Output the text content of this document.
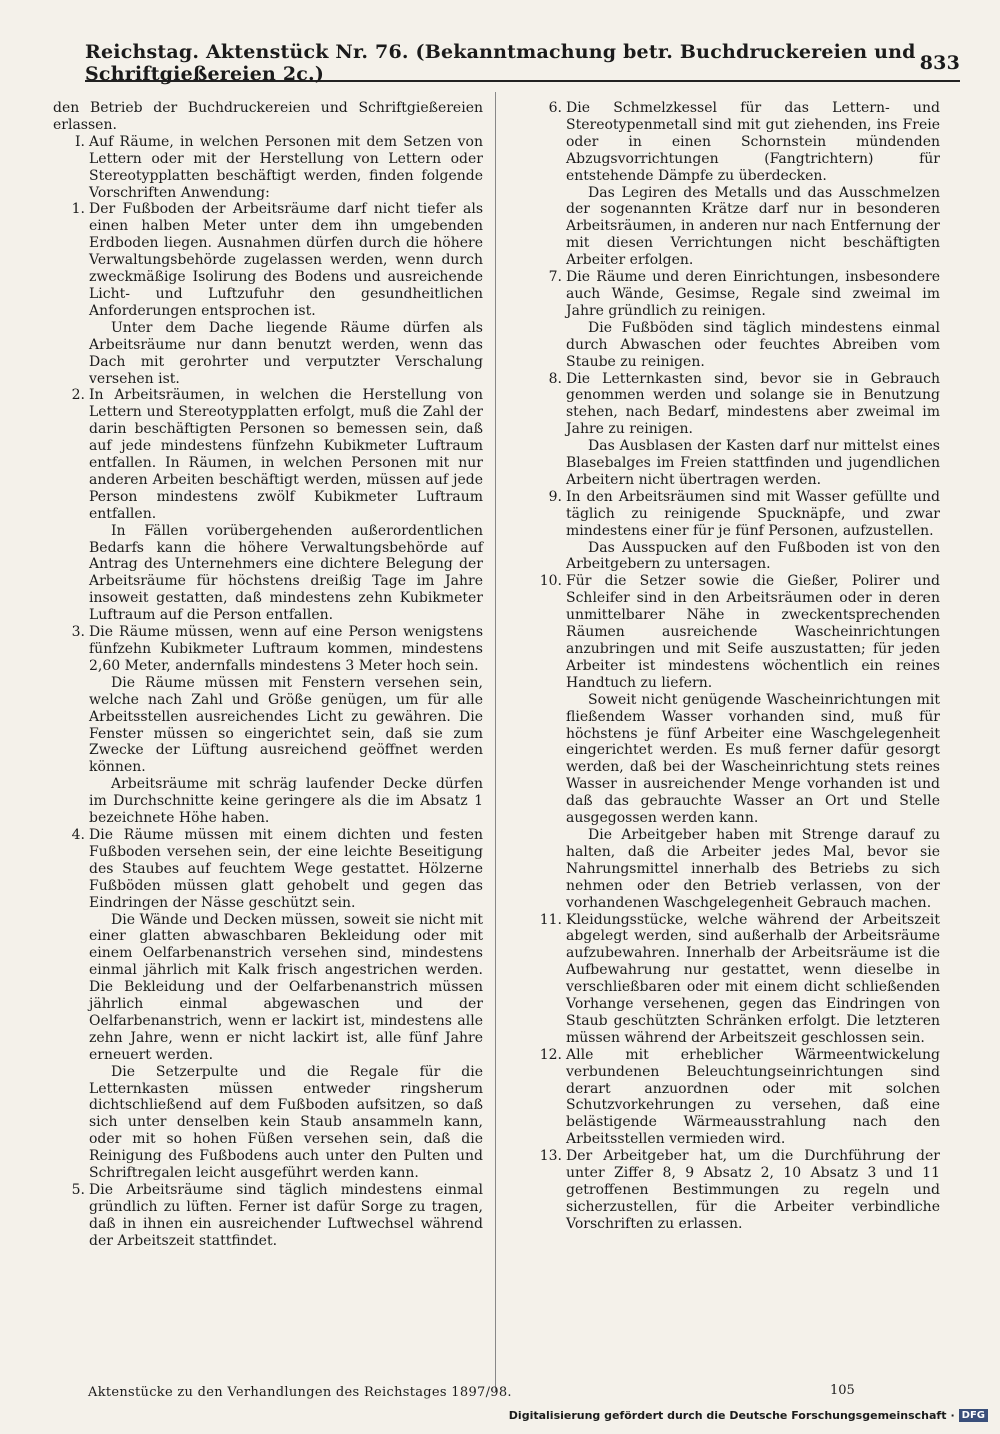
Reichstag. Aktenstück Nr. 76. (Bekanntmachung betr. Buchdruckereien und Schriftgießereien 2c.)	833

den Betrieb der Buchdruckereien und Schriftgießereien erlassen.

I. Auf Räume, in welchen Personen mit dem Setzen von Lettern oder mit der Herstellung von Lettern oder Stereotypplatten beschäftigt werden, finden folgende Vorschriften Anwendung:

1. Der Fußboden der Arbeitsräume darf nicht tiefer als einen halben Meter unter dem ihn umgebenden Erdboden liegen. Ausnahmen dürfen durch die höhere Verwaltungsbehörde zugelassen werden, wenn durch zweckmäßige Isolirung des Bodens und ausreichende Licht- und Luftzufuhr den gesundheitlichen Anforderungen entsprochen ist.

Unter dem Dache liegende Räume dürfen als Arbeitsräume nur dann benutzt werden, wenn das Dach mit gerohrter und verputzter Verschalung versehen ist.

2. In Arbeitsräumen, in welchen die Herstellung von Lettern und Stereotypplatten erfolgt, muß die Zahl der darin beschäftigten Personen so bemessen sein, daß auf jede mindestens fünfzehn Kubikmeter Luftraum entfallen. In Räumen, in welchen Personen mit nur anderen Arbeiten beschäftigt werden, müssen auf jede Person mindestens zwölf Kubikmeter Luftraum entfallen.

In Fällen vorübergehenden außerordentlichen Bedarfs kann die höhere Verwaltungsbehörde auf Antrag des Unternehmers eine dichtere Belegung der Arbeitsräume für höchstens dreißig Tage im Jahre insoweit gestatten, daß mindestens zehn Kubikmeter Luftraum auf die Person entfallen.

3. Die Räume müssen, wenn auf eine Person wenigstens fünfzehn Kubikmeter Luftraum kommen, mindestens 2,60 Meter, andernfalls mindestens 3 Meter hoch sein.

Die Räume müssen mit Fenstern versehen sein, welche nach Zahl und Größe genügen, um für alle Arbeitsstellen ausreichendes Licht zu gewähren. Die Fenster müssen so eingerichtet sein, daß sie zum Zwecke der Lüftung ausreichend geöffnet werden können.

Arbeitsräume mit schräg laufender Decke dürfen im Durchschnitte keine geringere als die im Absatz 1 bezeichnete Höhe haben.

4. Die Räume müssen mit einem dichten und festen Fußboden versehen sein, der eine leichte Beseitigung des Staubes auf feuchtem Wege gestattet. Hölzerne Fußböden müssen glatt gehobelt und gegen das Eindringen der Nässe geschützt sein.

Die Wände und Decken müssen, soweit sie nicht mit einer glatten abwaschbaren Bekleidung oder mit einem Oelfarbenanstrich versehen sind, mindestens einmal jährlich mit Kalk frisch angestrichen werden. Die Bekleidung und der Oelfarbenanstrich müssen jährlich einmal abgewaschen und der Oelfarbenanstrich, wenn er lackirt ist, mindestens alle zehn Jahre, wenn er nicht lackirt ist, alle fünf Jahre erneuert werden.

Die Setzerpulte und die Regale für die Letternkasten müssen entweder ringsherum dichtschließend auf dem Fußboden aufsitzen, so daß sich unter denselben kein Staub ansammeln kann, oder mit so hohen Füßen versehen sein, daß die Reinigung des Fußbodens auch unter den Pulten und Schriftregalen leicht ausgeführt werden kann.

5. Die Arbeitsräume sind täglich mindestens einmal gründlich zu lüften. Ferner ist dafür Sorge zu tragen, daß in ihnen ein ausreichender Luftwechsel während der Arbeitszeit stattfindet.

6. Die Schmelzkessel für das Lettern- und Stereotypenmetall sind mit gut ziehenden, ins Freie oder in einen Schornstein mündenden Abzugsvorrichtungen (Fangtrichtern) für entstehende Dämpfe zu überdecken.

Das Legiren des Metalls und das Ausschmelzen der sogenannten Krätze darf nur in besonderen Arbeitsräumen, in anderen nur nach Entfernung der mit diesen Verrichtungen nicht beschäftigten Arbeiter erfolgen.

7. Die Räume und deren Einrichtungen, insbesondere auch Wände, Gesimse, Regale sind zweimal im Jahre gründlich zu reinigen.

Die Fußböden sind täglich mindestens einmal durch Abwaschen oder feuchtes Abreiben vom Staube zu reinigen.

8. Die Letternkasten sind, bevor sie in Gebrauch genommen werden und solange sie in Benutzung stehen, nach Bedarf, mindestens aber zweimal im Jahre zu reinigen.

Das Ausblasen der Kasten darf nur mittelst eines Blasebalges im Freien stattfinden und jugendlichen Arbeitern nicht übertragen werden.

9. In den Arbeitsräumen sind mit Wasser gefüllte und täglich zu reinigende Spucknäpfe, und zwar mindestens einer für je fünf Personen, aufzustellen.

Das Ausspucken auf den Fußboden ist von den Arbeitgebern zu untersagen.

10. Für die Setzer sowie die Gießer, Polirer und Schleifer sind in den Arbeitsräumen oder in deren unmittelbarer Nähe in zweckentsprechenden Räumen ausreichende Wascheinrichtungen anzubringen und mit Seife auszustatten; für jeden Arbeiter ist mindestens wöchentlich ein reines Handtuch zu liefern.

Soweit nicht genügende Wascheinrichtungen mit fließendem Wasser vorhanden sind, muß für höchstens je fünf Arbeiter eine Waschgelegenheit eingerichtet werden. Es muß ferner dafür gesorgt werden, daß bei der Wascheinrichtung stets reines Wasser in ausreichender Menge vorhanden ist und daß das gebrauchte Wasser an Ort und Stelle ausgegossen werden kann.

Die Arbeitgeber haben mit Strenge darauf zu halten, daß die Arbeiter jedes Mal, bevor sie Nahrungsmittel innerhalb des Betriebs zu sich nehmen oder den Betrieb verlassen, von der vorhandenen Waschgelegenheit Gebrauch machen.

11. Kleidungsstücke, welche während der Arbeitszeit abgelegt werden, sind außerhalb der Arbeitsräume aufzubewahren. Innerhalb der Arbeitsräume ist die Aufbewahrung nur gestattet, wenn dieselbe in verschließbaren oder mit einem dicht schließenden Vorhange versehenen, gegen das Eindringen von Staub geschützten Schränken erfolgt. Die letzteren müssen während der Arbeitszeit geschlossen sein.

12. Alle mit erheblicher Wärmeentwickelung verbundenen Beleuchtungseinrichtungen sind derart anzuordnen oder mit solchen Schutzvorkehrungen zu versehen, daß eine belästigende Wärmeausstrahlung nach den Arbeitsstellen vermieden wird.

13. Der Arbeitgeber hat, um die Durchführung der unter Ziffer 8, 9 Absatz 2, 10 Absatz 3 und 11 getroffenen Bestimmungen zu regeln und sicherzustellen, für die Arbeiter verbindliche Vorschriften zu erlassen.

Aktenstücke zu den Verhandlungen des Reichstages 1897/98.	105
Digitalisierung gefördert durch die Deutsche Forschungsgemeinschaft · DFG
